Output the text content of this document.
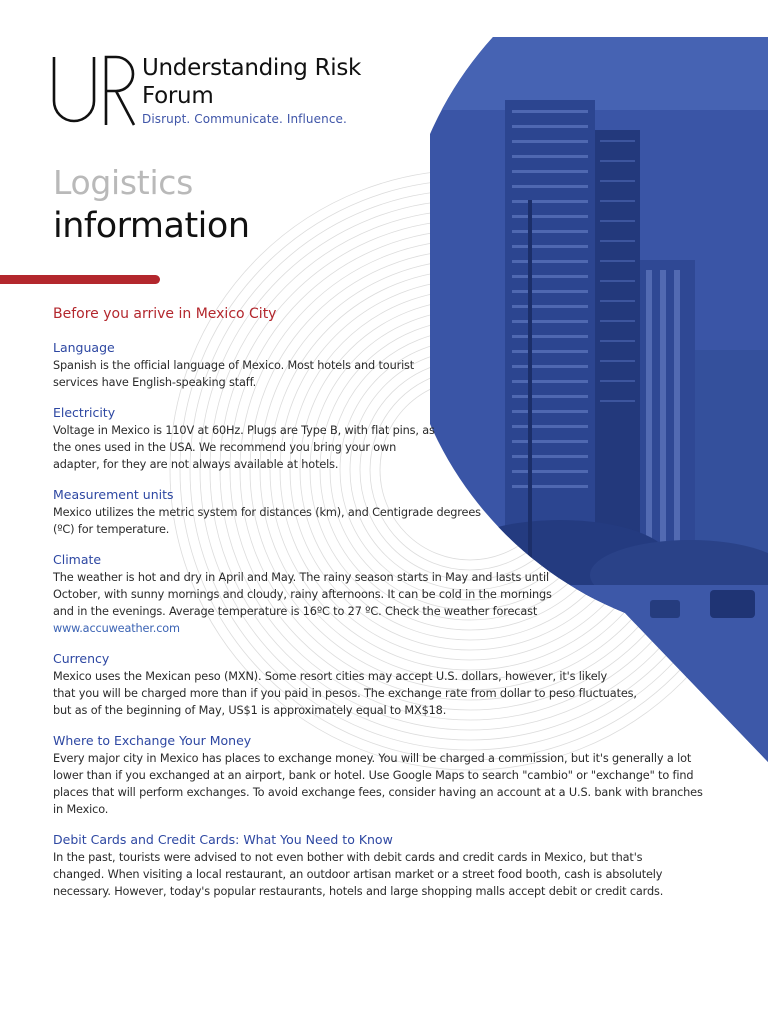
Understanding Risk
Forum
Disrupt. Communicate. Influence.
Logistics
information
Before you arrive in Mexico City
Language

Spanish is the official language of Mexico. Most hotels and tourist
services have English-speaking staff.

Electricity

Voltage in Mexico is 110V at 60Hz. Plugs are Type B, with flat pins, as
the ones used in the USA. We recommend you bring your own
adapter, for they are not always available at hotels.

Measurement units

Mexico utilizes the metric system for distances (km), and Centigrade degrees
(ºC) for temperature.

Climate

The weather is hot and dry in April and May. The rainy season starts in May and lasts until
October, with sunny mornings and cloudy, rainy afternoons. It can be cold in the mornings
and in the evenings. Average temperature is 16ºC to 27 ºC. Check the weather forecast
www.accuweather.com

Currency

Mexico uses the Mexican peso (MXN). Some resort cities may accept U.S. dollars, however, it's likely
that you will be charged more than if you paid in pesos. The exchange rate from dollar to peso fluctuates,
but as of the beginning of May, US$1 is approximately equal to MX$18.

Where to Exchange Your Money

Every major city in Mexico has places to exchange money. You will be charged a commission, but it's generally a lot
lower than if you exchanged at an airport, bank or hotel. Use Google Maps to search "cambio" or "exchange" to find
places that will perform exchanges. To avoid exchange fees, consider having an account at a U.S. bank with branches
in Mexico.

Debit Cards and Credit Cards: What You Need to Know

In the past, tourists were advised to not even bother with debit cards and credit cards in Mexico, but that's
changed. When visiting a local restaurant, an outdoor artisan market or a street food booth, cash is absolutely
necessary. However, today's popular restaurants, hotels and large shopping malls accept debit or credit cards.
